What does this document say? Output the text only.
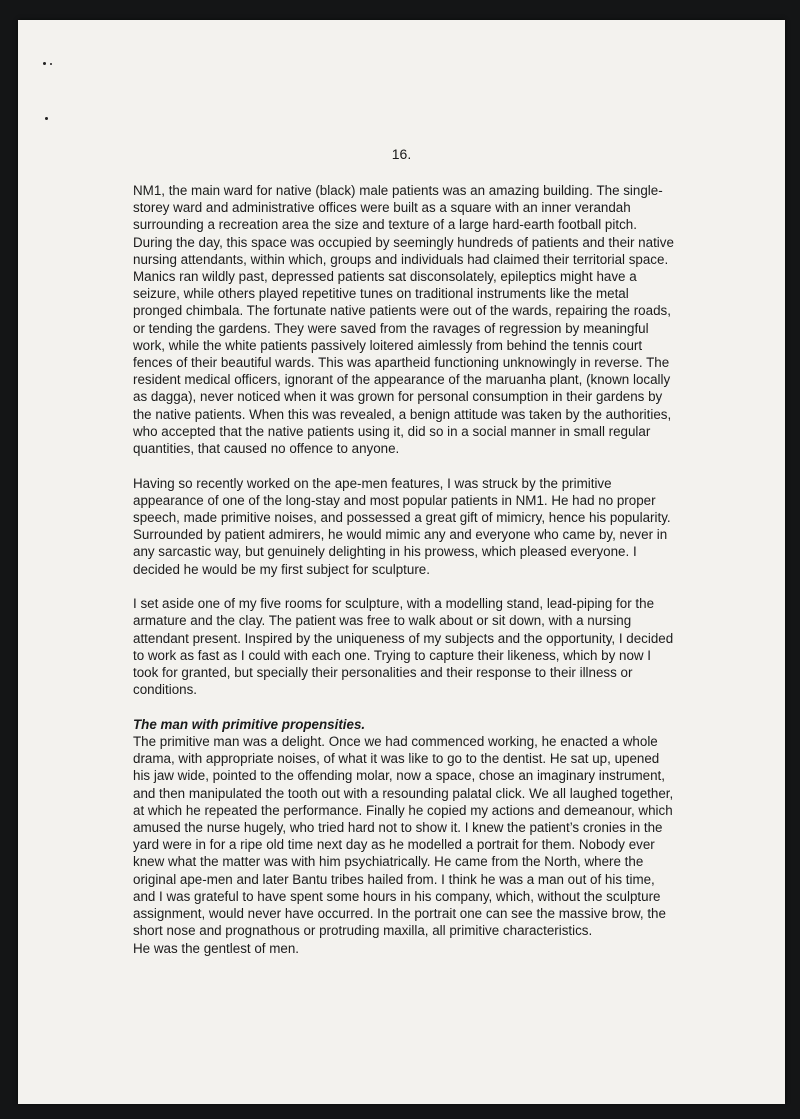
16.

NM1, the main ward for native (black) male patients was an amazing building. The single-storey ward and administrative offices were built as a square with an inner verandah surrounding a recreation area the size and texture of a large hard-earth football pitch. During the day, this space was occupied by seemingly hundreds of patients and their native nursing attendants, within which, groups and individuals had claimed their territorial space. Manics ran wildly past, depressed patients sat disconsolately, epileptics might have a seizure, while others played repetitive tunes on traditional instruments like the metal pronged chimbala. The fortunate native patients were out of the wards, repairing the roads, or tending the gardens. They were saved from the ravages of regression by meaningful work, while the white patients passively loitered aimlessly from behind the tennis court fences of their beautiful wards. This was apartheid functioning unknowingly in reverse. The resident medical officers, ignorant of the appearance of the maruanha plant, (known locally as dagga), never noticed when it was grown for personal consumption in their gardens by the native patients. When this was revealed, a benign attitude was taken by the authorities, who accepted that the native patients using it, did so in a social manner in small regular quantities, that caused no offence to anyone.

Having so recently worked on the ape-men features, I was struck by the primitive appearance of one of the long-stay and most popular patients in NM1. He had no proper speech, made primitive noises, and possessed a great gift of mimicry, hence his popularity. Surrounded by patient admirers, he would mimic any and everyone who came by, never in any sarcastic way, but genuinely delighting in his prowess, which pleased everyone. I decided he would be my first subject for sculpture.

I set aside one of my five rooms for sculpture, with a modelling stand, lead-piping for the armature and the clay. The patient was free to walk about or sit down, with a nursing attendant present. Inspired by the uniqueness of my subjects and the opportunity, I decided to work as fast as I could with each one. Trying to capture their likeness, which by now I took for granted, but specially their personalities and their response to their illness or conditions.

The man with primitive propensities.
The primitive man was a delight. Once we had commenced working, he enacted a whole drama, with appropriate noises, of what it was like to go to the dentist. He sat up, upened his jaw wide, pointed to the offending molar, now a space, chose an imaginary instrument, and then manipulated the tooth out with a resounding palatal click. We all laughed together, at which he repeated the performance. Finally he copied my actions and demeanour, which amused the nurse hugely, who tried hard not to show it. I knew the patient’s cronies in the yard were in for a ripe old time next day as he modelled a portrait for them. Nobody ever knew what the matter was with him psychiatrically. He came from the North, where the original ape-men and later Bantu tribes hailed from. I think he was a man out of his time, and I was grateful to have spent some hours in his company, which, without the sculpture assignment, would never have occurred. In the portrait one can see the massive brow, the short nose and prognathous or protruding maxilla, all primitive characteristics.
He was the gentlest of men.
